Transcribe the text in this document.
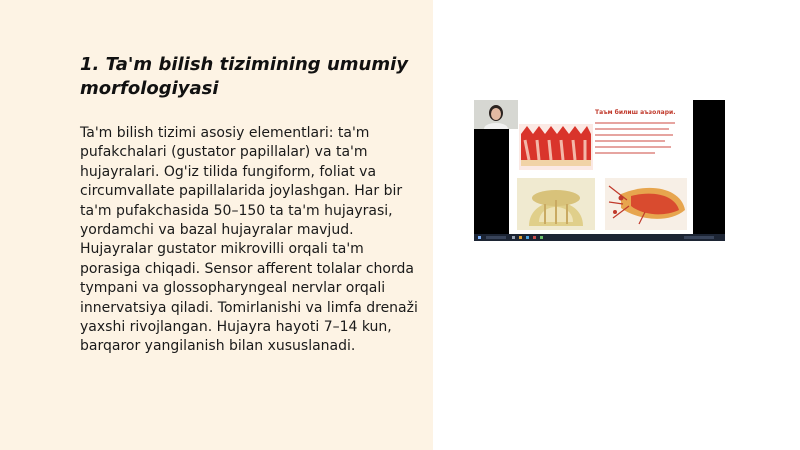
1. Ta'm bilish tizimining umumiy morfologiyasi

Ta'm bilish tizimi asosiy elementlari: ta'm pufakchalari (gustator papillalar) va ta'm hujayralari. Og'iz tilida fungiform, foliat va circumvallate papillalarida joylashgan. Har bir ta'm pufakchasida 50–150 ta ta'm hujayrasi, yordamchi va bazal hujayralar mavjud. Hujayralar gustator mikrovilli orqali ta'm porasiga chiqadi. Sensor afferent tolalar chorda tympani va glossopharyngeal nervlar orqali innervatsiya qiladi. Tomirlanishi va limfa drenaži yaxshi rivojlangan. Hujayra hayoti 7–14 kun, barqaror yangilanish bilan xususlanadi.

Таъм билиш аъзолари.
